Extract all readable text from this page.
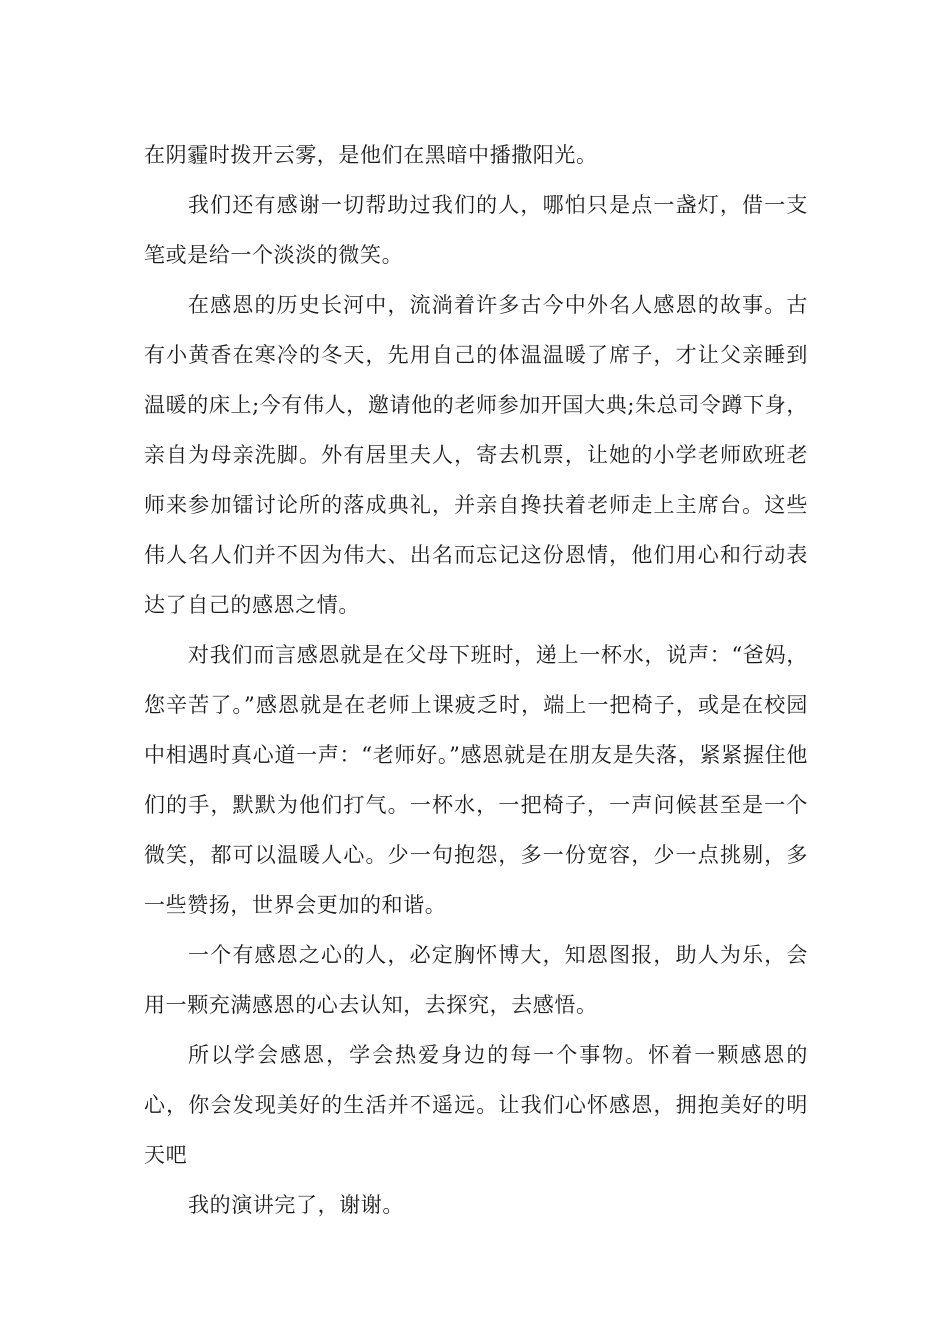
在阴霾时拨开云雾，是他们在黑暗中播撒阳光。

我们还有感谢一切帮助过我们的人，哪怕只是点一盏灯，借一支笔或是给一个淡淡的微笑。

在感恩的历史长河中，流淌着许多古今中外名人感恩的故事。古有小黄香在寒冷的冬天，先用自己的体温温暖了席子，才让父亲睡到温暖的床上;今有伟人，邀请他的老师参加开国大典;朱总司令蹲下身，亲自为母亲洗脚。外有居里夫人，寄去机票，让她的小学老师欧班老师来参加镭讨论所的落成典礼，并亲自搀扶着老师走上主席台。这些伟人名人们并不因为伟大、出名而忘记这份恩情，他们用心和行动表达了自己的感恩之情。

对我们而言感恩就是在父母下班时，递上一杯水，说声：“爸妈，您辛苦了。”感恩就是在老师上课疲乏时，端上一把椅子，或是在校园中相遇时真心道一声：“老师好。”感恩就是在朋友是失落，紧紧握住他们的手，默默为他们打气。一杯水，一把椅子，一声问候甚至是一个微笑，都可以温暖人心。少一句抱怨，多一份宽容，少一点挑剔，多一些赞扬，世界会更加的和谐。

一个有感恩之心的人，必定胸怀博大，知恩图报，助人为乐，会用一颗充满感恩的心去认知，去探究，去感悟。

所以学会感恩，学会热爱身边的每一个事物。怀着一颗感恩的心，你会发现美好的生活并不遥远。让我们心怀感恩，拥抱美好的明天吧

我的演讲完了，谢谢。
